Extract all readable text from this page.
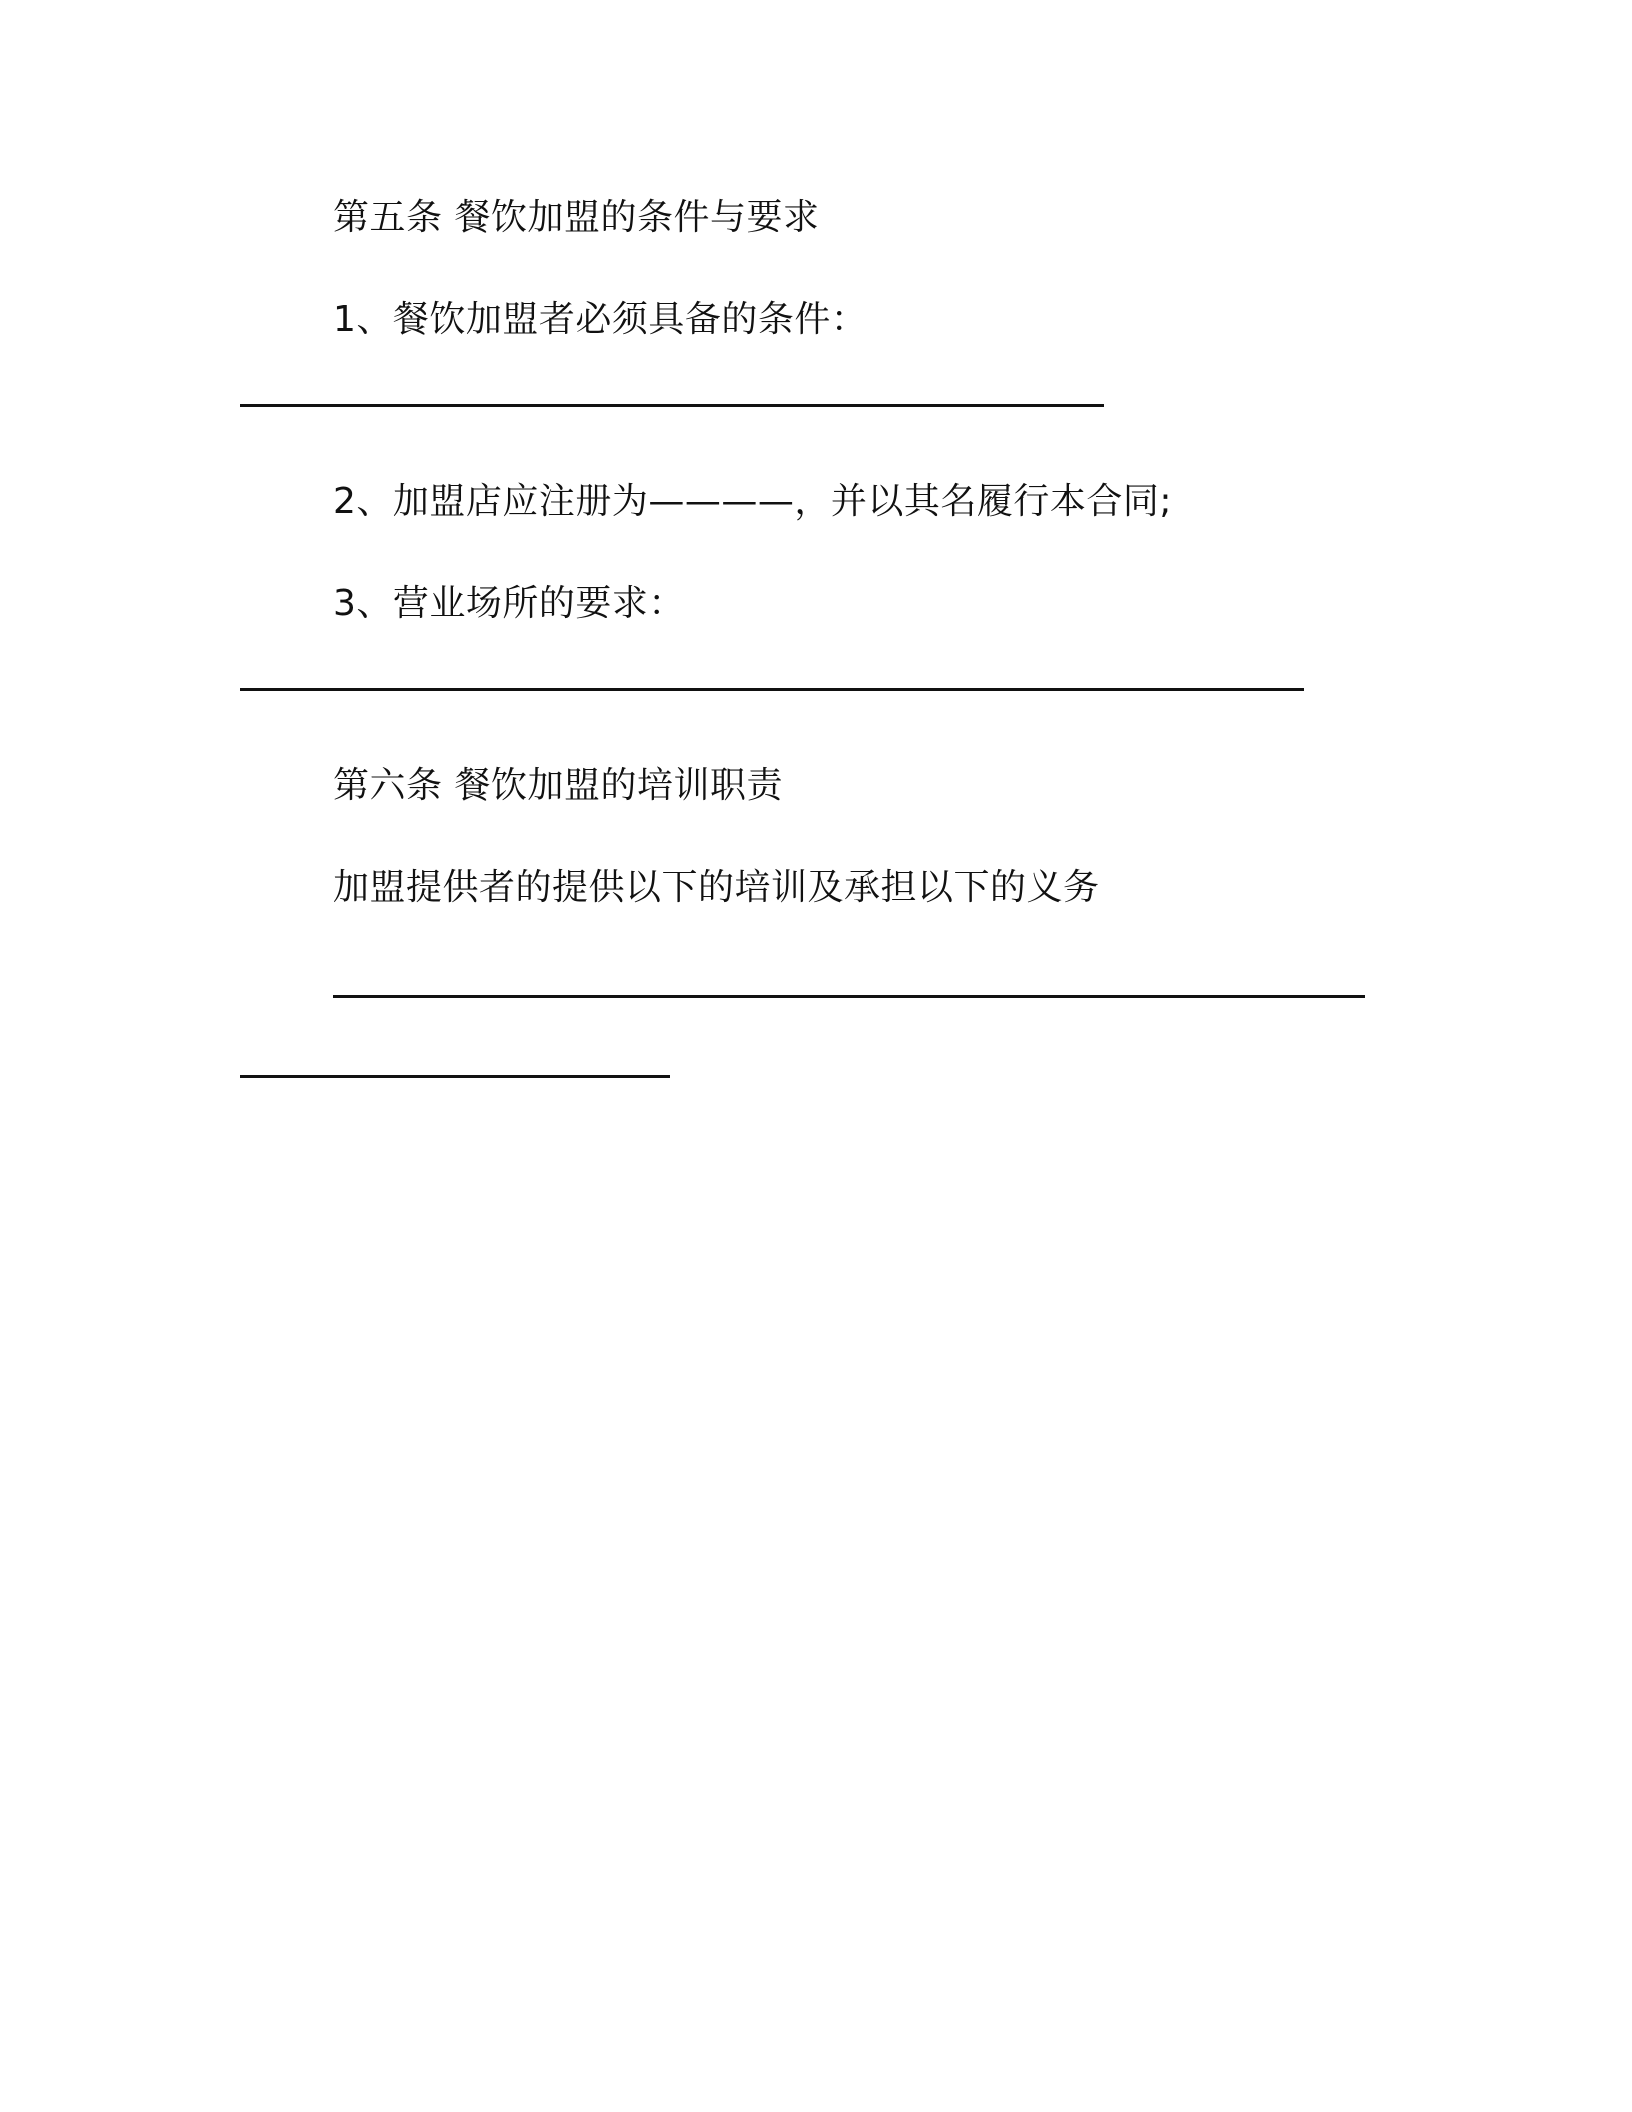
第五条 餐饮加盟的条件与要求
1、餐饮加盟者必须具备的条件：
2、加盟店应注册为————，并以其名履行本合同;
3、营业场所的要求：
第六条 餐饮加盟的培训职责
加盟提供者的提供以下的培训及承担以下的义务
